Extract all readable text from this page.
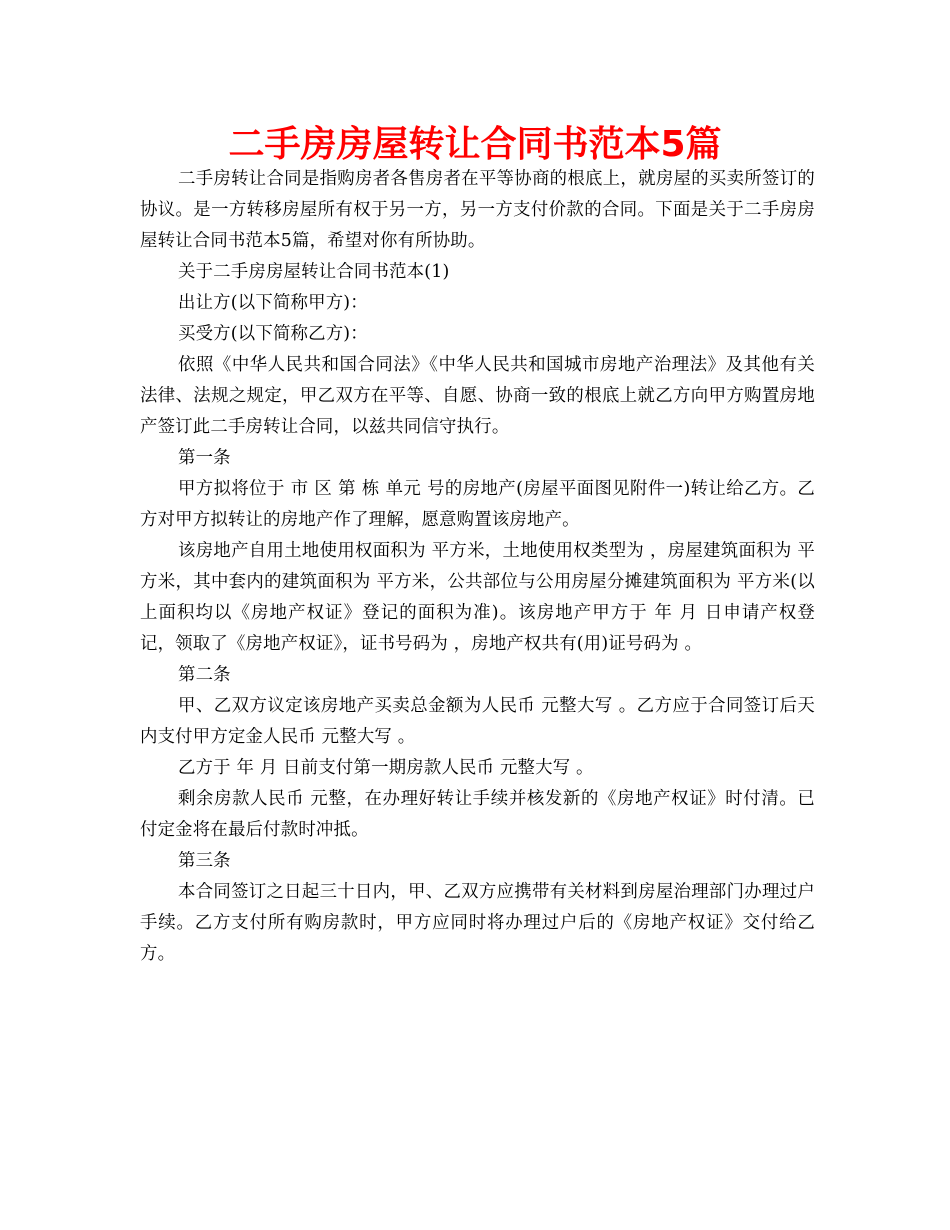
二手房房屋转让合同书范本5篇

二手房转让合同是指购房者各售房者在平等协商的根底上，就房屋的买卖所签订的协议。是一方转移房屋所有权于另一方，另一方支付价款的合同。下面是关于二手房房屋转让合同书范本5篇，希望对你有所协助。

关于二手房房屋转让合同书范本(1)

出让方(以下简称甲方)：

买受方(以下简称乙方)：

依照《中华人民共和国合同法》《中华人民共和国城市房地产治理法》及其他有关法律、法规之规定，甲乙双方在平等、自愿、协商一致的根底上就乙方向甲方购置房地产签订此二手房转让合同，以兹共同信守执行。

第一条

甲方拟将位于 市 区 第 栋 单元 号的房地产(房屋平面图见附件一)转让给乙方。乙方对甲方拟转让的房地产作了理解，愿意购置该房地产。

该房地产自用土地使用权面积为 平方米，土地使用权类型为 ，房屋建筑面积为 平方米，其中套内的建筑面积为 平方米，公共部位与公用房屋分摊建筑面积为 平方米(以上面积均以《房地产权证》登记的面积为准)。该房地产甲方于 年 月 日申请产权登记，领取了《房地产权证》，证书号码为 ，房地产权共有(用)证号码为 。

第二条

甲、乙双方议定该房地产买卖总金额为人民币 元整大写 。乙方应于合同签订后天内支付甲方定金人民币 元整大写 。

乙方于 年 月 日前支付第一期房款人民币 元整大写 。

剩余房款人民币 元整，在办理好转让手续并核发新的《房地产权证》时付清。已付定金将在最后付款时冲抵。

第三条

本合同签订之日起三十日内，甲、乙双方应携带有关材料到房屋治理部门办理过户手续。乙方支付所有购房款时，甲方应同时将办理过户后的《房地产权证》交付给乙方。
